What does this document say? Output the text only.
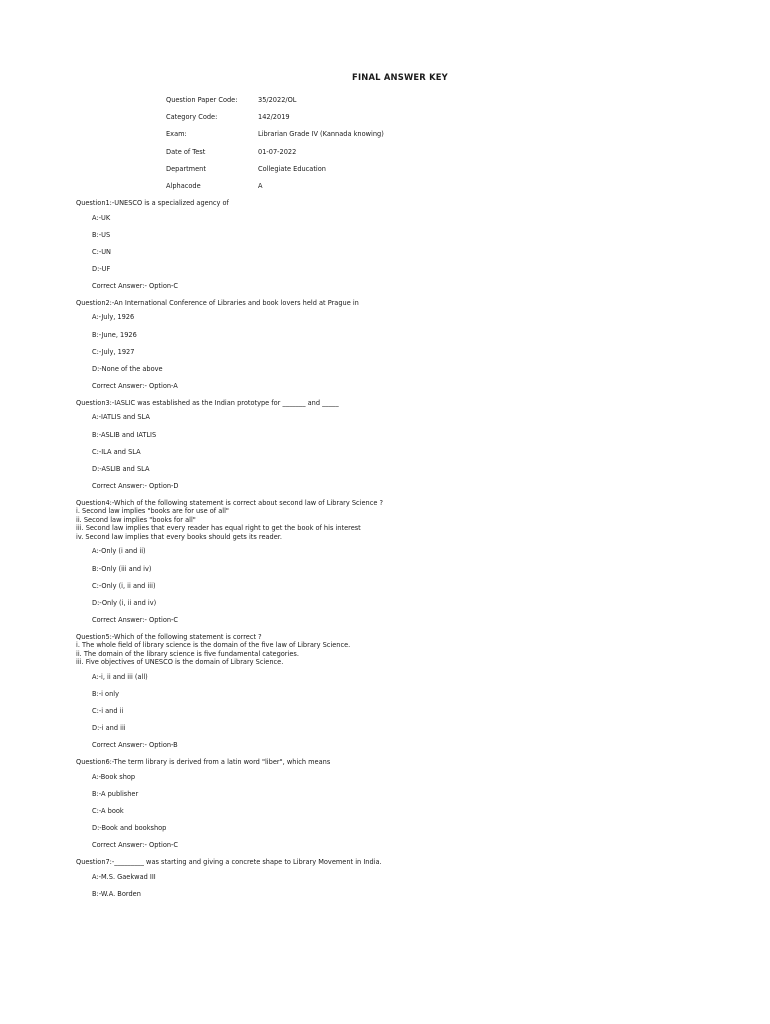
FINAL ANSWER KEY
Question Paper Code:	35/2022/OL
Category Code:	142/2019
Exam:	Librarian Grade IV (Kannada knowing)
Date of Test	01-07-2022
Department	Collegiate Education
Alphacode	A
Question1:-UNESCO is a specialized agency of
A:-UK
B:-US
C:-UN
D:-UF
Correct Answer:- Option-C
Question2:-An International Conference of Libraries and book lovers held at Prague in
A:-July, 1926
B:-June, 1926
C:-July, 1927
D:-None of the above
Correct Answer:- Option-A
Question3:-IASLIC was established as the Indian prototype for _______ and _____
A:-IATLIS and SLA
B:-ASLIB and IATLIS
C:-ILA and SLA
D:-ASLIB and SLA
Correct Answer:- Option-D
Question4:-Which of the following statement is correct about second law of Library Science ?
i. Second law implies "books are for use of all"
ii. Second law implies "books for all"
iii. Second law implies that every reader has equal right to get the book of his interest
iv. Second law implies that every books should gets its reader.
A:-Only (i and ii)
B:-Only (iii and iv)
C:-Only (i, ii and iii)
D:-Only (i, ii and iv)
Correct Answer:- Option-C
Question5:-Which of the following statement is correct ?
i. The whole field of library science is the domain of the five law of Library Science.
ii. The domain of the library science is five fundamental categories.
iii. Five objectives of UNESCO is the domain of Library Science.
A:-i, ii and iii (all)
B:-i only
C:-i and ii
D:-i and iii
Correct Answer:- Option-B
Question6:-The term library is derived from a latin word "liber", which means
A:-Book shop
B:-A publisher
C:-A book
D:-Book and bookshop
Correct Answer:- Option-C
Question7:-_________ was starting and giving a concrete shape to Library Movement in India.
A:-M.S. Gaekwad III
B:-W.A. Borden
